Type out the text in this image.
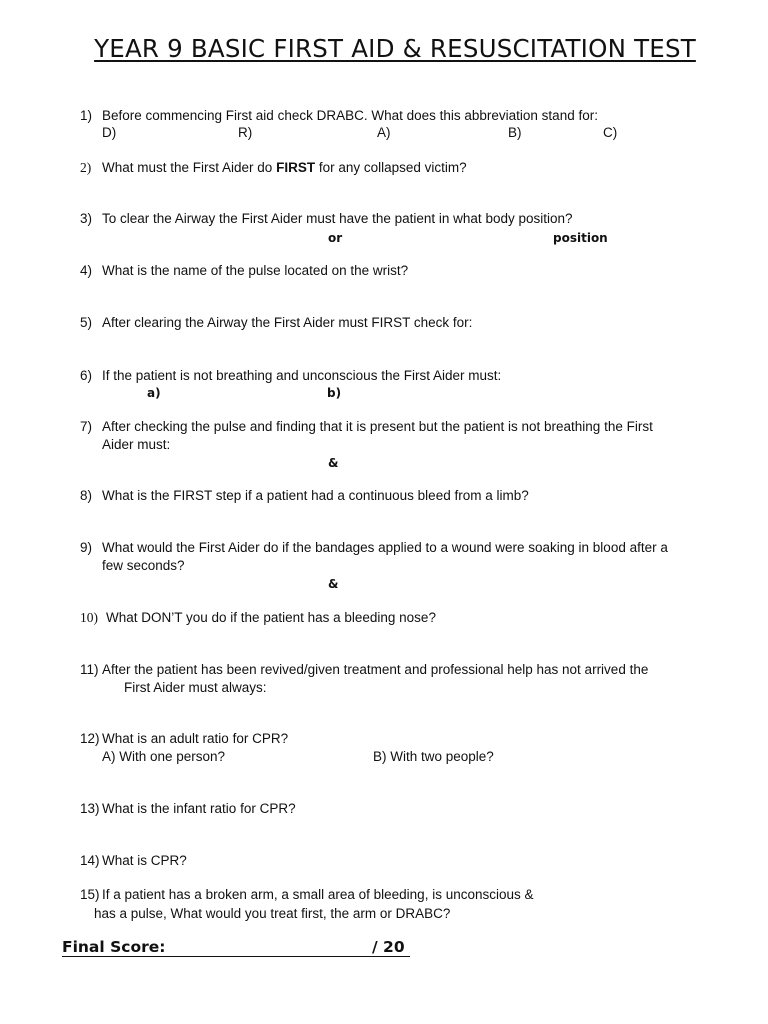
YEAR 9 BASIC FIRST AID & RESUSCITATION TEST
1) Before commencing First aid check DRABC. What does this abbreviation stand for:
D)	R)	A)	B)	C)
2) What must the First Aider do FIRST for any collapsed victim?
3) To clear the Airway the First Aider must have the patient in what body position?
or	position
4) What is the name of the pulse located on the wrist?
5) After clearing the Airway the First Aider must FIRST check for:
6) If the patient is not breathing and unconscious the First Aider must:
a)	b)
7) After checking the pulse and finding that it is present but the patient is not breathing the First
Aider must:
&
8) What is the FIRST step if a patient had a continuous bleed from a limb?
9) What would the First Aider do if the bandages applied to a wound were soaking in blood after a
few seconds?
&
10) What DON’T you do if the patient has a bleeding nose?
11) After the patient has been revived/given treatment and professional help has not arrived the
First Aider must always:
12) What is an adult ratio for CPR?
A) With one person?	B) With two people?
13) What is the infant ratio for CPR?
14) What is CPR?
15) If a patient has a broken arm, a small area of bleeding, is unconscious &
has a pulse, What would you treat first, the arm or DRABC?
Final Score:	/ 20
